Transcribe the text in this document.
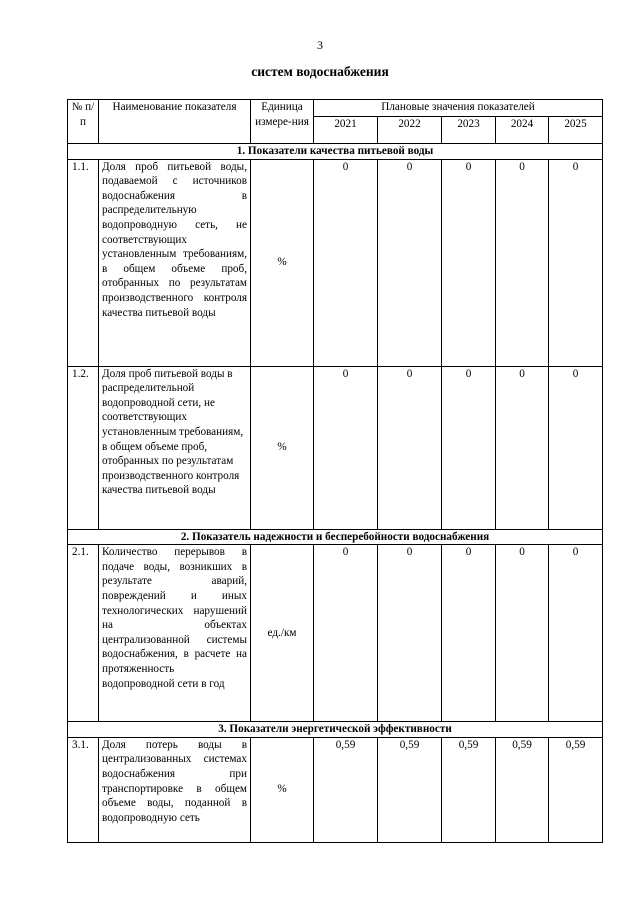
3
систем водоснабжения
№ п/п	Наименование показателя	Единица измере-ния	Плановые значения показателей				
			2021	2022	2023	2024	2025
1. Показатели качества питьевой воды							
1.1.	Доля проб питьевой воды, подаваемой с источников водоснабжения в распределительную водопроводную сеть, не соответствующих установленным требованиям, в общем объеме проб, отобранных по результатам производственного контроля качества питьевой воды	%	0	0	0	0	0
1.2.	Доля проб питьевой воды в распределительной водопроводной сети, не соответствующих установленным требованиям, в общем объеме проб, отобранных по результатам производственного контроля качества питьевой воды	%	0	0	0	0	0
2. Показатель надежности и бесперебойности водоснабжения							
2.1.	Количество перерывов в подаче воды, возникших в результате аварий, повреждений и иных технологических нарушений на объектах централизованной системы водоснабжения, в расчете на протяженность водопроводной сети в год	ед./км	0	0	0	0	0
3. Показатели энергетической эффективности							
3.1.	Доля потерь воды в централизованных системах водоснабжения при транспортировке в общем объеме воды, поданной в водопроводную сеть	%	0,59	0,59	0,59	0,59	0,59
